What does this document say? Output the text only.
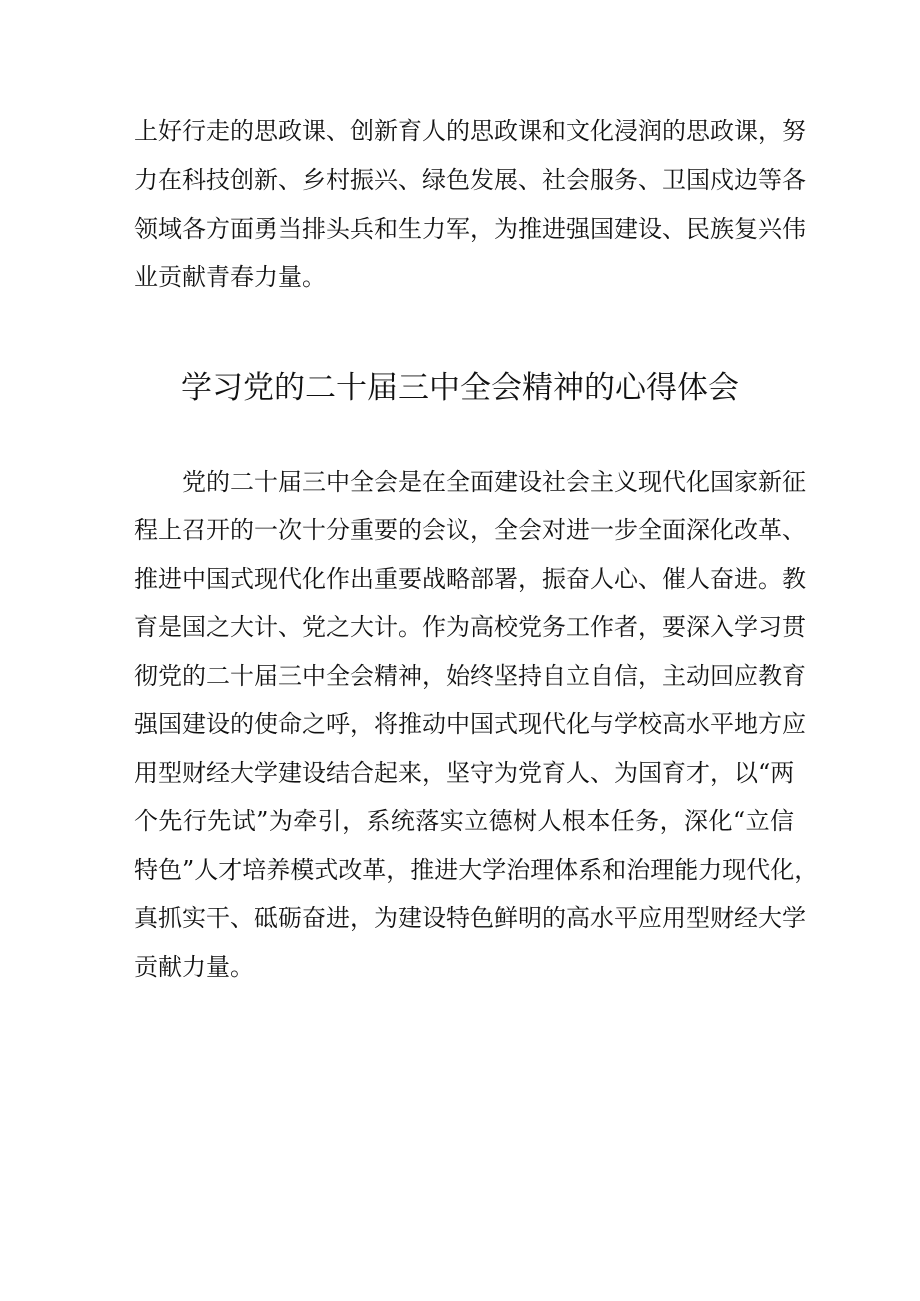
上好行走的思政课、创新育人的思政课和文化浸润的思政课，努
力在科技创新、乡村振兴、绿色发展、社会服务、卫国戍边等各
领域各方面勇当排头兵和生力军，为推进强国建设、民族复兴伟
业贡献青春力量。
学习党的二十届三中全会精神的心得体会
党的二十届三中全会是在全面建设社会主义现代化国家新征
程上召开的一次十分重要的会议，全会对进一步全面深化改革、
推进中国式现代化作出重要战略部署，振奋人心、催人奋进。教
育是国之大计、党之大计。作为高校党务工作者，要深入学习贯
彻党的二十届三中全会精神，始终坚持自立自信，主动回应教育
强国建设的使命之呼，将推动中国式现代化与学校高水平地方应
用型财经大学建设结合起来，坚守为党育人、为国育才，以“两
个先行先试”为牵引，系统落实立德树人根本任务，深化“立信
特色”人才培养模式改革，推进大学治理体系和治理能力现代化，
真抓实干、砥砺奋进，为建设特色鲜明的高水平应用型财经大学
贡献力量。
